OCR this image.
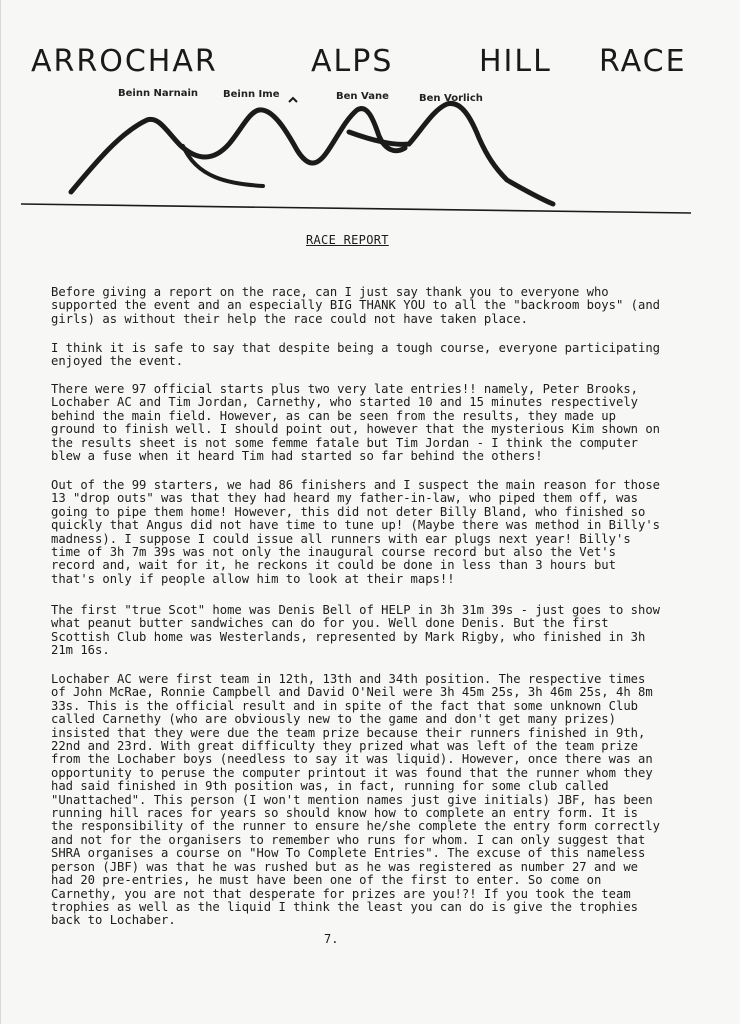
ARROCHAR	ALPS	HILL RACE
Beinn Narnain Beinn Ime	Ben Vane	Ben Vorlich
RACE REPORT

Before giving a report on the race, can I just say thank you to everyone who supported the event and an especially BIG THANK YOU to all the "backroom boys" (and girls) as without their help the race could not have taken place.

I think it is safe to say that despite being a tough course, everyone participating enjoyed the event.

There were 97 official starts plus two very late entries!! namely, Peter Brooks, Lochaber AC and Tim Jordan, Carnethy, who started 10 and 15 minutes respectively behind the main field. However, as can be seen from the results, they made up ground to finish well. I should point out, however that the mysterious Kim shown on the results sheet is not some femme fatale but Tim Jordan - I think the computer blew a fuse when it heard Tim had started so far behind the others!

Out of the 99 starters, we had 86 finishers and I suspect the main reason for those 13 "drop outs" was that they had heard my father-in-law, who piped them off, was going to pipe them home! However, this did not deter Billy Bland, who finished so quickly that Angus did not have time to tune up! (Maybe there was method in Billy's madness). I suppose I could issue all runners with ear plugs next year! Billy's time of 3h 7m 39s was not only the inaugural course record but also the Vet's record and, wait for it, he reckons it could be done in less than 3 hours but that's only if people allow him to look at their maps!!

The first "true Scot" home was Denis Bell of HELP in 3h 31m 39s - just goes to show what peanut butter sandwiches can do for you. Well done Denis. But the first Scottish Club home was Westerlands, represented by Mark Rigby, who finished in 3h 21m 16s.

Lochaber AC were first team in 12th, 13th and 34th position. The respective times of John McRae, Ronnie Campbell and David O'Neil were 3h 45m 25s, 3h 46m 25s, 4h 8m 33s. This is the official result and in spite of the fact that some unknown Club called Carnethy (who are obviously new to the game and don't get many prizes) insisted that they were due the team prize because their runners finished in 9th, 22nd and 23rd. With great difficulty they prized what was left of the team prize from the Lochaber boys (needless to say it was liquid). However, once there was an opportunity to peruse the computer printout it was found that the runner whom they had said finished in 9th position was, in fact, running for some club called "Unattached". This person (I won't mention names just give initials) JBF, has been running hill races for years so should know how to complete an entry form. It is the responsibility of the runner to ensure he/she complete the entry form correctly and not for the organisers to remember who runs for whom. I can only suggest that SHRA organises a course on "How To Complete Entries". The excuse of this nameless person (JBF) was that he was rushed but as he was registered as number 27 and we had 20 pre-entries, he must have been one of the first to enter. So come on Carnethy, you are not that desperate for prizes are you!?! If you took the team trophies as well as the liquid I think the least you can do is give the trophies back to Lochaber.

7.
